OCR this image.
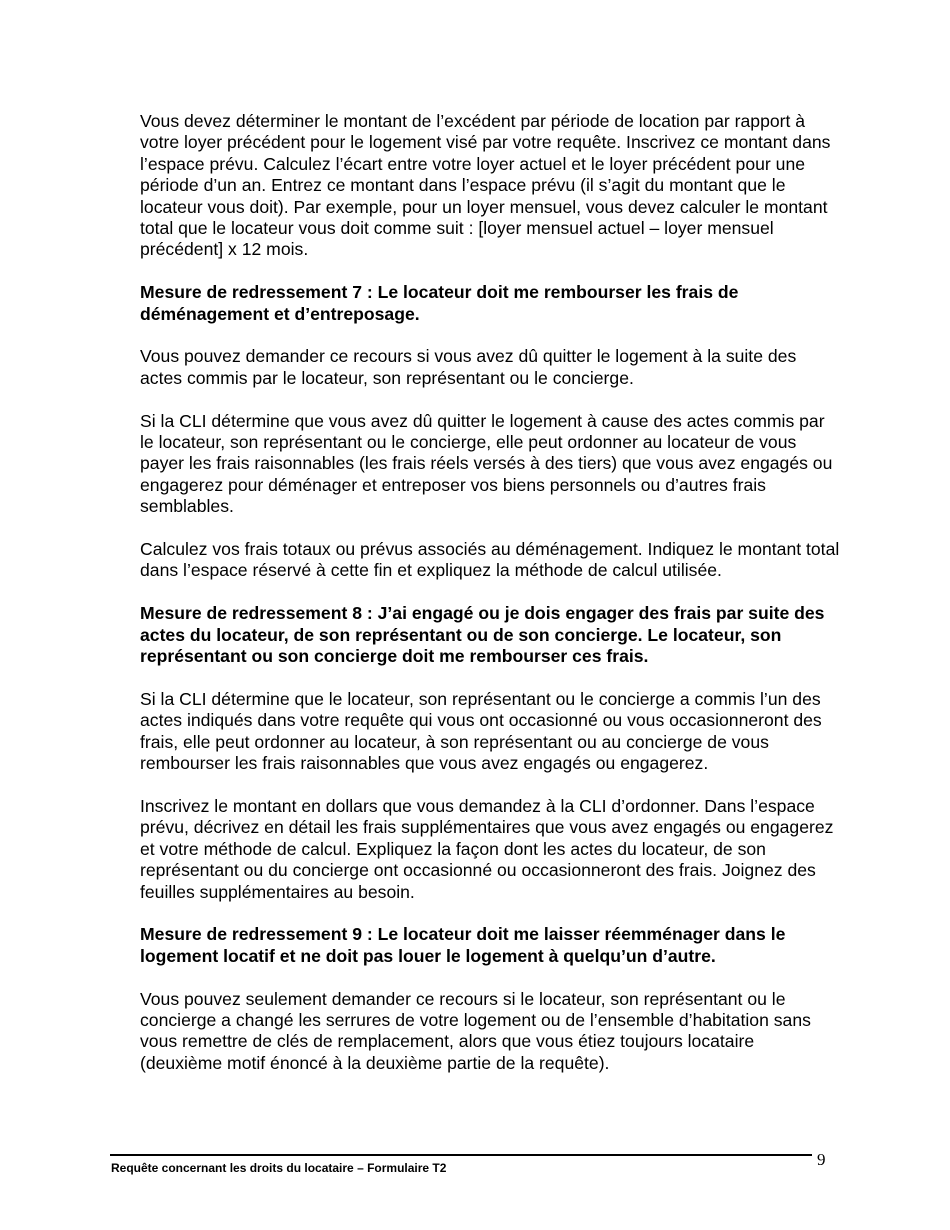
Vous devez déterminer le montant de l’excédent par période de location par rapport à votre loyer précédent pour le logement visé par votre requête. Inscrivez ce montant dans l’espace prévu. Calculez l’écart entre votre loyer actuel et le loyer précédent pour une période d’un an. Entrez ce montant dans l’espace prévu (il s’agit du montant que le locateur vous doit). Par exemple, pour un loyer mensuel, vous devez calculer le montant total que le locateur vous doit comme suit : [loyer mensuel actuel – loyer mensuel précédent] x 12 mois.

Mesure de redressement 7 : Le locateur doit me rembourser les frais de déménagement et d’entreposage.

Vous pouvez demander ce recours si vous avez dû quitter le logement à la suite des actes commis par le locateur, son représentant ou le concierge.

Si la CLI détermine que vous avez dû quitter le logement à cause des actes commis par le locateur, son représentant ou le concierge, elle peut ordonner au locateur de vous payer les frais raisonnables (les frais réels versés à des tiers) que vous avez engagés ou engagerez pour déménager et entreposer vos biens personnels ou d’autres frais semblables.

Calculez vos frais totaux ou prévus associés au déménagement. Indiquez le montant total dans l’espace réservé à cette fin et expliquez la méthode de calcul utilisée.

Mesure de redressement 8 : J’ai engagé ou je dois engager des frais par suite des actes du locateur, de son représentant ou de son concierge. Le locateur, son représentant ou son concierge doit me rembourser ces frais.

Si la CLI détermine que le locateur, son représentant ou le concierge a commis l’un des actes indiqués dans votre requête qui vous ont occasionné ou vous occasionneront des frais, elle peut ordonner au locateur, à son représentant ou au concierge de vous rembourser les frais raisonnables que vous avez engagés ou engagerez.

Inscrivez le montant en dollars que vous demandez à la CLI d’ordonner. Dans l’espace prévu, décrivez en détail les frais supplémentaires que vous avez engagés ou engagerez et votre méthode de calcul. Expliquez la façon dont les actes du locateur, de son représentant ou du concierge ont occasionné ou occasionneront des frais. Joignez des feuilles supplémentaires au besoin.

Mesure de redressement 9 : Le locateur doit me laisser réemménager dans le logement locatif et ne doit pas louer le logement à quelqu’un d’autre.

Vous pouvez seulement demander ce recours si le locateur, son représentant ou le concierge a changé les serrures de votre logement ou de l’ensemble d’habitation sans vous remettre de clés de remplacement, alors que vous étiez toujours locataire (deuxième motif énoncé à la deuxième partie de la requête).

Requête concernant les droits du locataire – Formulaire T2	9
